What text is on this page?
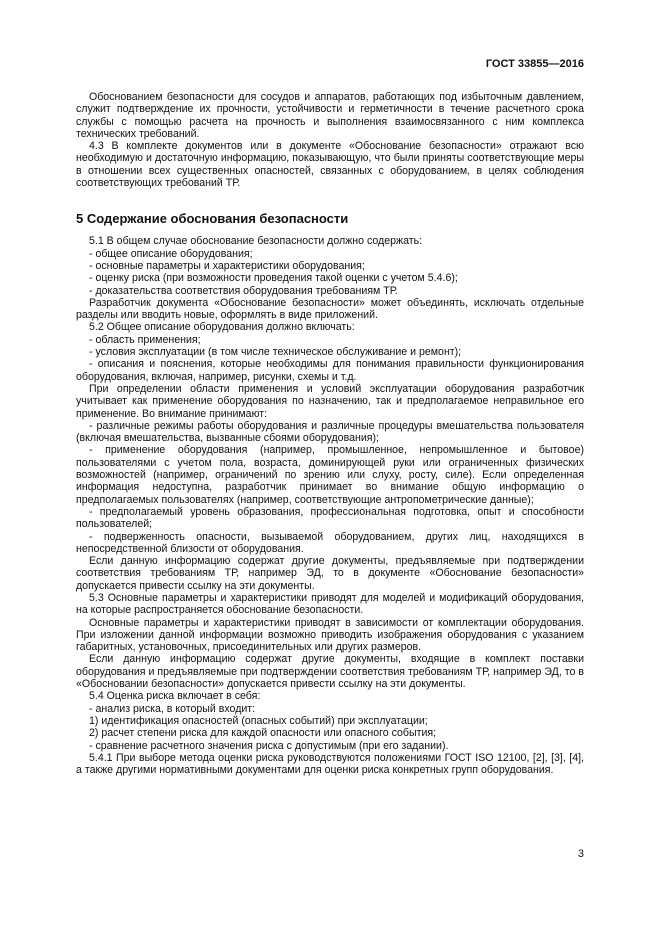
ГОСТ 33855—2016

Обоснованием безопасности для сосудов и аппаратов, работающих под избыточным давлением, служит подтверждение их прочности, устойчивости и герметичности в течение расчетного срока службы с помощью расчета на прочность и выполнения взаимосвязанного с ним комплекса технических требований.

4.3 В комплекте документов или в документе «Обоснование безопасности» отражают всю необходимую и достаточную информацию, показывающую, что были приняты соответствующие меры в отношении всех существенных опасностей, связанных с оборудованием, в целях соблюдения соответствующих требований ТР.

5 Содержание обоснования безопасности

5.1 В общем случае обоснование безопасности должно содержать:

- общее описание оборудования;

- основные параметры и характеристики оборудования;

- оценку риска (при возможности проведения такой оценки с учетом 5.4.6);

- доказательства соответствия оборудования требованиям ТР.

Разработчик документа «Обоснование безопасности» может объединять, исключать отдельные разделы или вводить новые, оформлять в виде приложений.

5.2 Общее описание оборудования должно включать:

- область применения;

- условия эксплуатации (в том числе техническое обслуживание и ремонт);

- описания и пояснения, которые необходимы для понимания правильности функционирования оборудования, включая, например, рисунки, схемы и т.д.

При определении области применения и условий эксплуатации оборудования разработчик учитывает как применение оборудования по назначению, так и предполагаемое неправильное его применение. Во внимание принимают:

- различные режимы работы оборудования и различные процедуры вмешательства пользователя (включая вмешательства, вызванные сбоями оборудования);

- применение оборудования (например, промышленное, непромышленное и бытовое) пользователями с учетом пола, возраста, доминирующей руки или ограниченных физических возможностей (например, ограничений по зрению или слуху, росту, силе). Если определенная информация недоступна, разработчик принимает во внимание общую информацию о предполагаемых пользователях (например, соответствующие антропометрические данные);

- предполагаемый уровень образования, профессиональная подготовка, опыт и способности пользователей;

- подверженность опасности, вызываемой оборудованием, других лиц, находящихся в непосредственной близости от оборудования.

Если данную информацию содержат другие документы, предъявляемые при подтверждении соответствия требованиям ТР, например ЭД, то в документе «Обоснование безопасности» допускается привести ссылку на эти документы.

5.3 Основные параметры и характеристики приводят для моделей и модификаций оборудования, на которые распространяется обоснование безопасности.

Основные параметры и характеристики приводят в зависимости от комплектации оборудования. При изложении данной информации возможно приводить изображения оборудования с указанием габаритных, установочных, присоединительных или других размеров.

Если данную информацию содержат другие документы, входящие в комплект поставки оборудования и предъявляемые при подтверждении соответствия требованиям ТР, например ЭД, то в «Обосновании безопасности» допускается привести ссылку на эти документы.

5.4 Оценка риска включает в себя:

- анализ риска, в который входит:

1) идентификация опасностей (опасных событий) при эксплуатации;

2) расчет степени риска для каждой опасности или опасного события;

- сравнение расчетного значения риска с допустимым (при его задании).

5.4.1 При выборе метода оценки риска руководствуются положениями ГОСТ ISO 12100, [2], [3], [4], а также другими нормативными документами для оценки риска конкретных групп оборудования.

3
